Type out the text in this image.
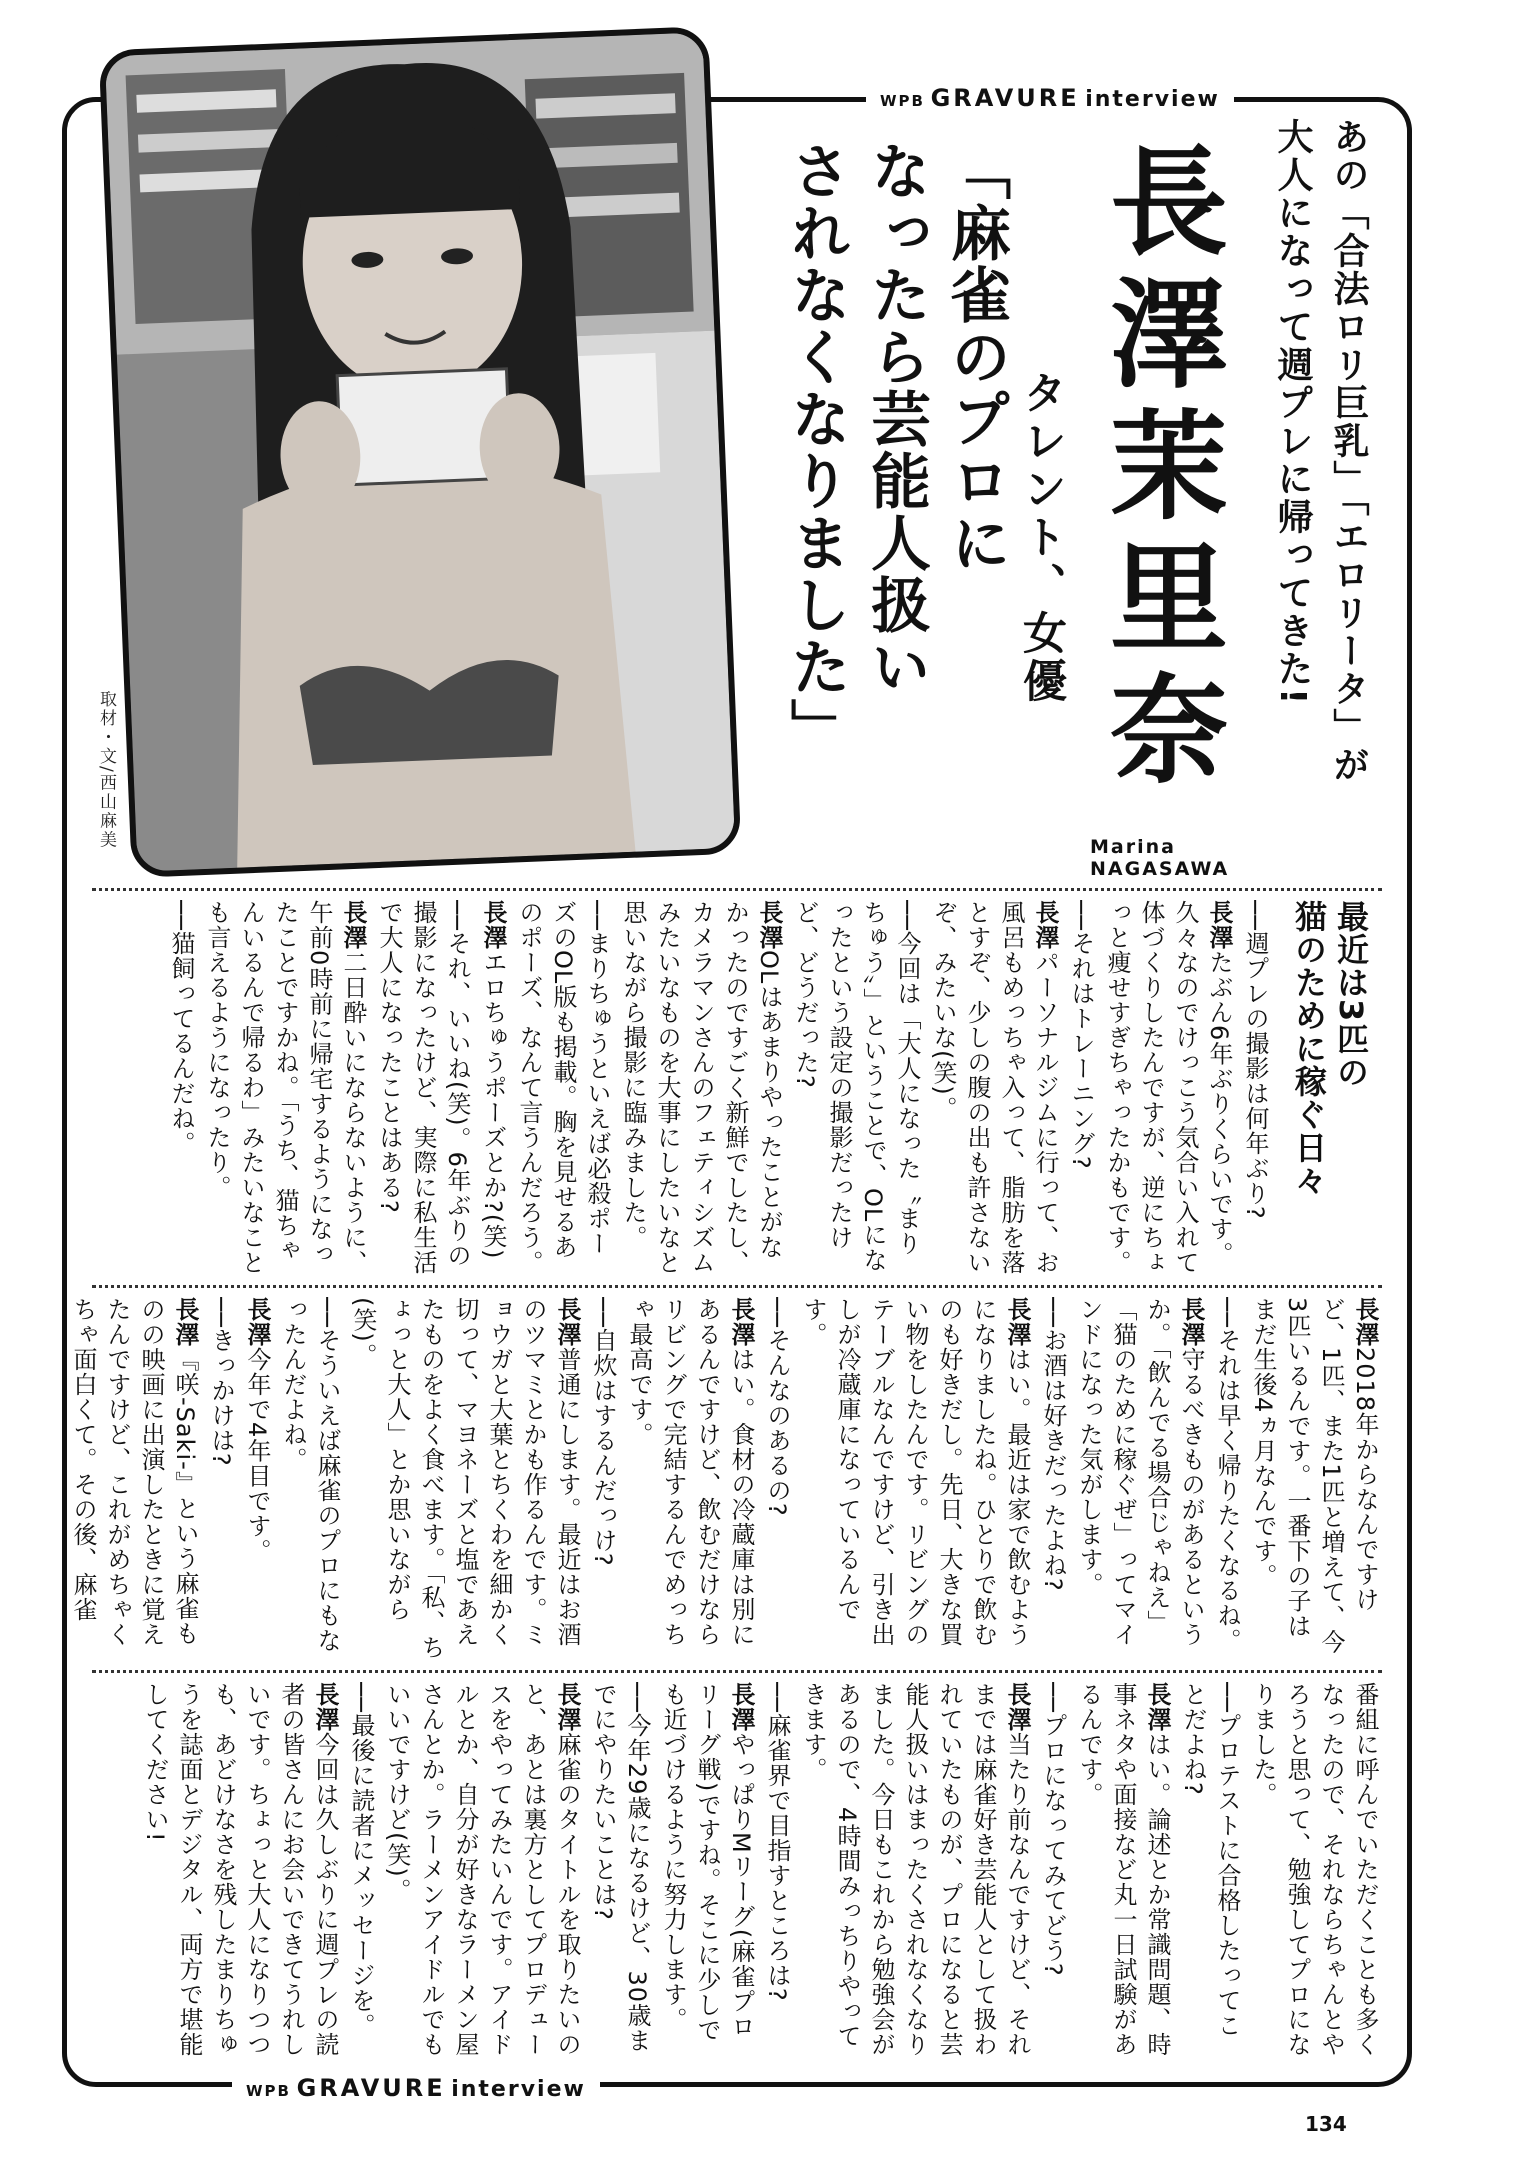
WPB GRAVURE interview
WPB GRAVURE interview
取材・文/西山麻美	あの「合法ロリ巨乳」「エロリータ」が
大人になって週プレに帰ってきた!
長澤茉里奈
タレント、女優
「麻雀のプロに
なったら芸能人扱い
されなくなりました」
Marina
NAGASAWA
最近は3匹の
猫のために稼ぐ日々

──週プレの撮影は何年ぶり?

長澤たぶん6年ぶりくらいです。久々なのでけっこう気合い入れて体づくりしたんですが、逆にちょっと痩せすぎちゃったかもです。

──それはトレーニング?

長澤パーソナルジムに行って、お風呂もめっちゃ入って、脂肪を落とすぞ、少しの腹の出も許さないぞ、みたいな(笑)。

──今回は「大人になった〝まりちゅう〟」ということで、OLになったという設定の撮影だったけど、どうだった?

長澤OLはあまりやったことがなかったのですごく新鮮でしたし、カメラマンさんのフェティシズムみたいなものを大事にしたいなと思いながら撮影に臨みました。

──まりちゅうといえば必殺ポーズのOL版も掲載。胸を見せるあのポーズ、なんて言うんだろう。

長澤エロちゅうポーズとか?(笑)

──それ、いいね(笑)。6年ぶりの撮影になったけど、実際に私生活で大人になったことはある?

長澤二日酔いにならないように、午前0時前に帰宅するようになったことですかね。「うち、猫ちゃんいるんで帰るわ」みたいなことも言えるようになったり。

──猫飼ってるんだね。

長澤2018年からなんですけど、1匹、また1匹と増えて、今3匹いるんです。一番下の子はまだ生後4ヵ月なんです。

──それは早く帰りたくなるね。

長澤守るべきものがあるというか。「飲んでる場合じゃねえ」「猫のために稼ぐぜ」ってマインドになった気がします。

──お酒は好きだったよね?

長澤はい。最近は家で飲むようになりましたね。ひとりで飲むのも好きだし。先日、大きな買い物をしたんです。リビングのテーブルなんですけど、引き出しが冷蔵庫になっているんです。

──そんなのあるの?

長澤はい。食材の冷蔵庫は別にあるんですけど、飲むだけならリビングで完結するんでめっちゃ最高です。

──自炊はするんだっけ?

長澤普通にします。最近はお酒のツマミとかも作るんです。ミョウガと大葉とちくわを細かく切って、マヨネーズと塩であえたものをよく食べます。「私、ちょっと大人」とか思いながら(笑)。

──そういえば麻雀のプロにもなったんだよね。

長澤今年で4年目です。

──きっかけは?

長澤『咲-Saki-』という麻雀ものの映画に出演したときに覚えたんですけど、これがめちゃくちゃ面白くて。その後、麻雀

番組に呼んでいただくことも多くなったので、それならちゃんとやろうと思って、勉強してプロになりました。

──プロテストに合格したってことだよね?

長澤はい。論述とか常識問題、時事ネタや面接など丸一日試験があるんです。

──プロになってみてどう?

長澤当たり前なんですけど、それまでは麻雀好き芸能人として扱われていたものが、プロになると芸能人扱いはまったくされなくなりました。今日もこれから勉強会があるので、4時間みっちりやってきます。

──麻雀界で目指すところは?

長澤やっぱりMリーグ(麻雀プロリーグ戦)ですね。そこに少しでも近づけるように努力します。

──今年29歳になるけど、30歳までにやりたいことは?

長澤麻雀のタイトルを取りたいのと、あとは裏方としてプロデュースをやってみたいんです。アイドルとか、自分が好きなラーメン屋さんとか。ラーメンアイドルでもいいですけど(笑)。

──最後に読者にメッセージを。

長澤今回は久しぶりに週プレの読者の皆さんにお会いできてうれしいです。ちょっと大人になりつつも、あどけなさを残したまりちゅうを誌面とデジタル、両方で堪能してください!

134
